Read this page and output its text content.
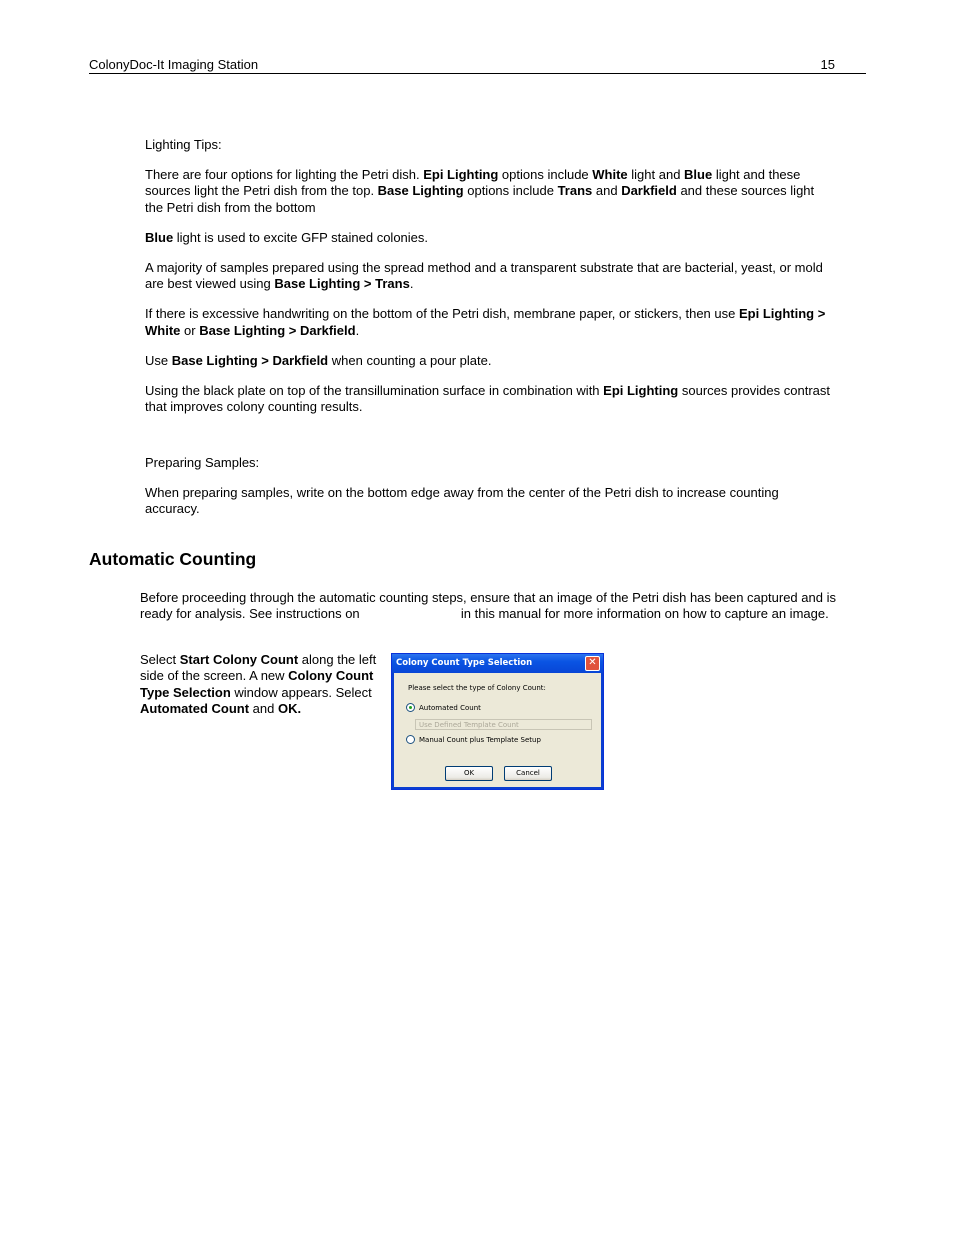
ColonyDoc-It Imaging Station	15

Lighting Tips:

There are four options for lighting the Petri dish. Epi Lighting options include White light and Blue light and these sources light the Petri dish from the top. Base Lighting options include Trans and Darkfield and these sources light the Petri dish from the bottom

Blue light is used to excite GFP stained colonies.

A majority of samples prepared using the spread method and a transparent substrate that are bacterial, yeast, or mold are best viewed using Base Lighting > Trans.

If there is excessive handwriting on the bottom of the Petri dish, membrane paper, or stickers, then use Epi Lighting > White or Base Lighting > Darkfield.

Use Base Lighting > Darkfield when counting a pour plate.

Using the black plate on top of the transillumination surface in combination with Epi Lighting sources provides contrast that improves colony counting results.

Preparing Samples:

When preparing samples, write on the bottom edge away from the center of the Petri dish to increase counting accuracy.

Automatic Counting

Before proceeding through the automatic counting steps, ensure that an image of the Petri dish has been captured and is ready for analysis. See instructions on	in this manual for more information on how to capture an image.

Select Start Colony Count along the left side of the screen. A new Colony Count Type Selection window appears. Select Automated Count and OK.

Colony Count Type Selection	✕
Please select the type of Colony Count:
Automated Count
Use Defined Template Count
Manual Count plus Template Setup
OK	Cancel
